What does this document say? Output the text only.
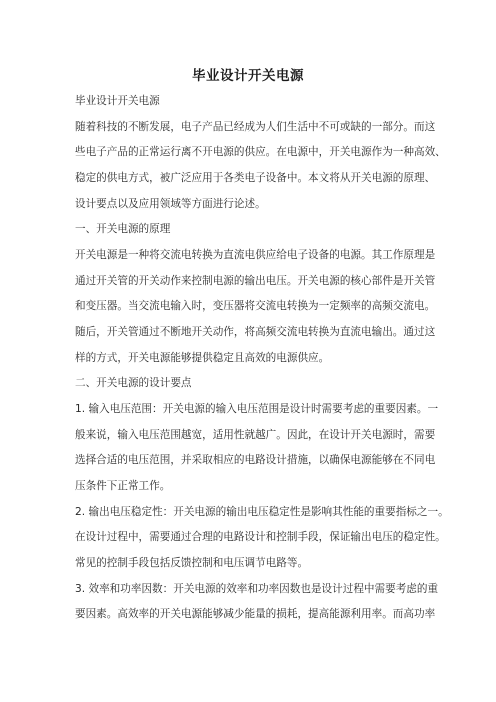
毕业设计开关电源
毕业设计开关电源
随着科技的不断发展，电子产品已经成为人们生活中不可或缺的一部分。而这
些电子产品的正常运行离不开电源的供应。在电源中，开关电源作为一种高效、
稳定的供电方式，被广泛应用于各类电子设备中。本文将从开关电源的原理、
设计要点以及应用领域等方面进行论述。
一、开关电源的原理
开关电源是一种将交流电转换为直流电供应给电子设备的电源。其工作原理是
通过开关管的开关动作来控制电源的输出电压。开关电源的核心部件是开关管
和变压器。当交流电输入时，变压器将交流电转换为一定频率的高频交流电。
随后，开关管通过不断地开关动作，将高频交流电转换为直流电输出。通过这
样的方式，开关电源能够提供稳定且高效的电源供应。
二、开关电源的设计要点
1. 输入电压范围：开关电源的输入电压范围是设计时需要考虑的重要因素。一
般来说，输入电压范围越宽，适用性就越广。因此，在设计开关电源时，需要
选择合适的电压范围，并采取相应的电路设计措施，以确保电源能够在不同电
压条件下正常工作。
2. 输出电压稳定性：开关电源的输出电压稳定性是影响其性能的重要指标之一。
在设计过程中，需要通过合理的电路设计和控制手段，保证输出电压的稳定性。
常见的控制手段包括反馈控制和电压调节电路等。
3. 效率和功率因数：开关电源的效率和功率因数也是设计过程中需要考虑的重
要因素。高效率的开关电源能够减少能量的损耗，提高能源利用率。而高功率
